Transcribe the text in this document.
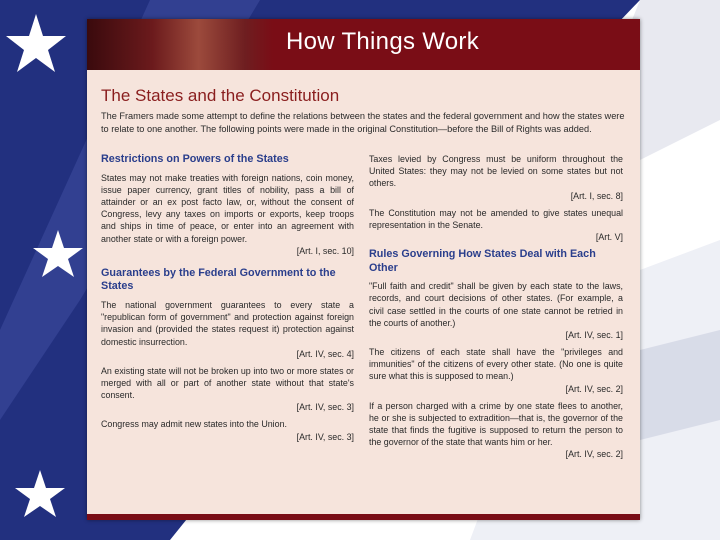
How Things Work
The States and the Constitution

The Framers made some attempt to define the relations between the states and the federal government and how the states were to relate to one another. The following points were made in the original Constitution—before the Bill of Rights was added.

Restrictions on Powers of the States

States may not make treaties with foreign nations, coin money, issue paper currency, grant titles of nobility, pass a bill of attainder or an ex post facto law, or, without the consent of Congress, levy any taxes on imports or exports, keep troops and ships in time of peace, or enter into an agreement with another state or with a foreign power.

[Art. I, sec. 10]
Guarantees by the Federal Government to the States

The national government guarantees to every state a "republican form of government" and protection against foreign invasion and (provided the states request it) protection against domestic insurrection.

[Art. IV, sec. 4]

An existing state will not be broken up into two or more states or merged with all or part of another state without that state's consent.

[Art. IV, sec. 3]

Congress may admit new states into the Union.

[Art. IV, sec. 3]

Taxes levied by Congress must be uniform throughout the United States: they may not be levied on some states but not others.

[Art. I, sec. 8]

The Constitution may not be amended to give states unequal representation in the Senate.

[Art. V]
Rules Governing How States Deal with Each Other

"Full faith and credit" shall be given by each state to the laws, records, and court decisions of other states. (For example, a civil case settled in the courts of one state cannot be retried in the courts of another.)

[Art. IV, sec. 1]

The citizens of each state shall have the "privileges and immunities" of the citizens of every other state. (No one is quite sure what this is supposed to mean.)

[Art. IV, sec. 2]

If a person charged with a crime by one state flees to another, he or she is subjected to extradition—that is, the governor of the state that finds the fugitive is supposed to return the person to the governor of the state that wants him or her.

[Art. IV, sec. 2]
